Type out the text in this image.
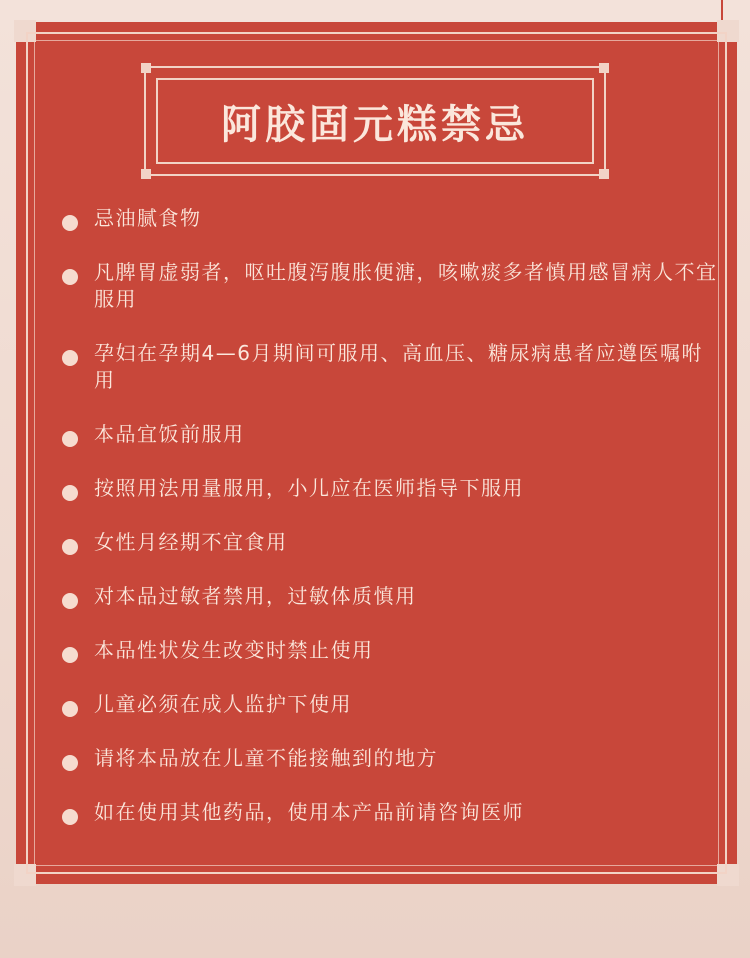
阿胶固元糕禁忌
忌油腻食物
凡脾胃虚弱者，呕吐腹泻腹胀便溏，咳嗽痰多者慎用感冒病人不宜服用
孕妇在孕期4—6月期间可服用、高血压、糖尿病患者应遵医嘱咐用
本品宜饭前服用
按照用法用量服用，小儿应在医师指导下服用
女性月经期不宜食用
对本品过敏者禁用，过敏体质慎用
本品性状发生改变时禁止使用
儿童必须在成人监护下使用
请将本品放在儿童不能接触到的地方
如在使用其他药品，使用本产品前请咨询医师
